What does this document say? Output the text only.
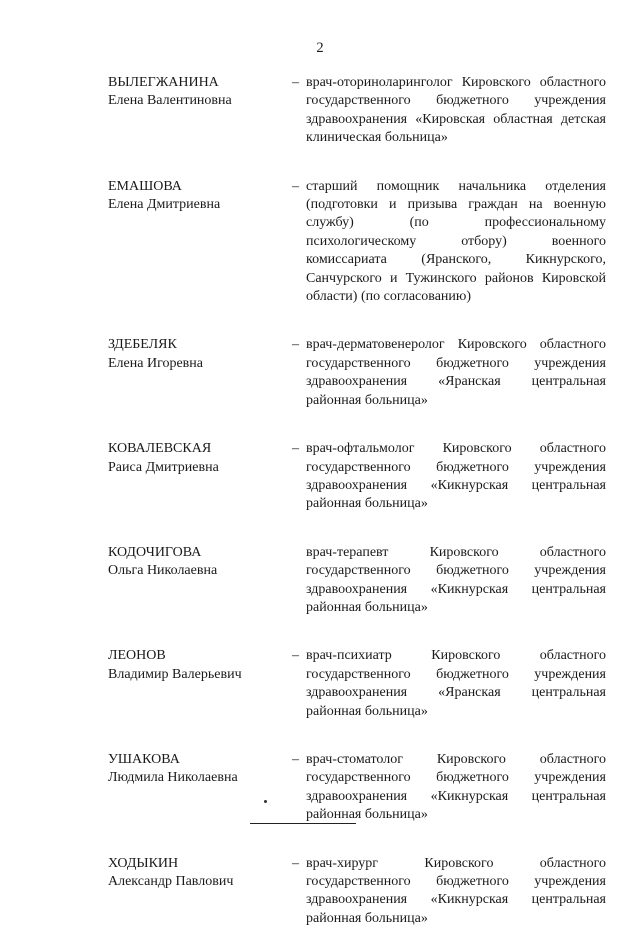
2
ВЫЛЕГЖАНИНА
Елена Валентиновна
– врач-оториноларинголог Кировского областного государственного бюджетного учреждения здравоохранения «Кировская областная детская клиническая больница»
ЕМАШОВА
Елена Дмитриевна
– старший помощник начальника отделения (подготовки и призыва граждан на военную службу) (по профессиональному психологическому отбору) военного комиссариата (Яранского, Кикнурского, Санчурского и Тужинского районов Кировской области) (по согласованию)
ЗДЕБЕЛЯК
Елена Игоревна
– врач-дерматовенеролог Кировского областного государственного бюджетного учреждения здравоохранения «Яранская центральная районная больница»
КОВАЛЕВСКАЯ
Раиса Дмитриевна
– врач-офтальмолог Кировского областного государственного бюджетного учреждения здравоохранения «Кикнурская центральная районная больница»
КОДОЧИГОВА
Ольга Николаевна
врач-терапевт Кировского областного государственного бюджетного учреждения здравоохранения «Кикнурская центральная районная больница»
ЛЕОНОВ
Владимир Валерьевич
– врач-психиатр Кировского областного государственного бюджетного учреждения здравоохранения «Яранская центральная районная больница»
УШАКОВА
Людмила Николаевна
– врач-стоматолог Кировского областного государственного бюджетного учреждения здравоохранения «Кикнурская центральная районная больница»
ХОДЫКИН
Александр Павлович
– врач-хирург Кировского областного государственного бюджетного учреждения здравоохранения «Кикнурская центральная районная больница»
